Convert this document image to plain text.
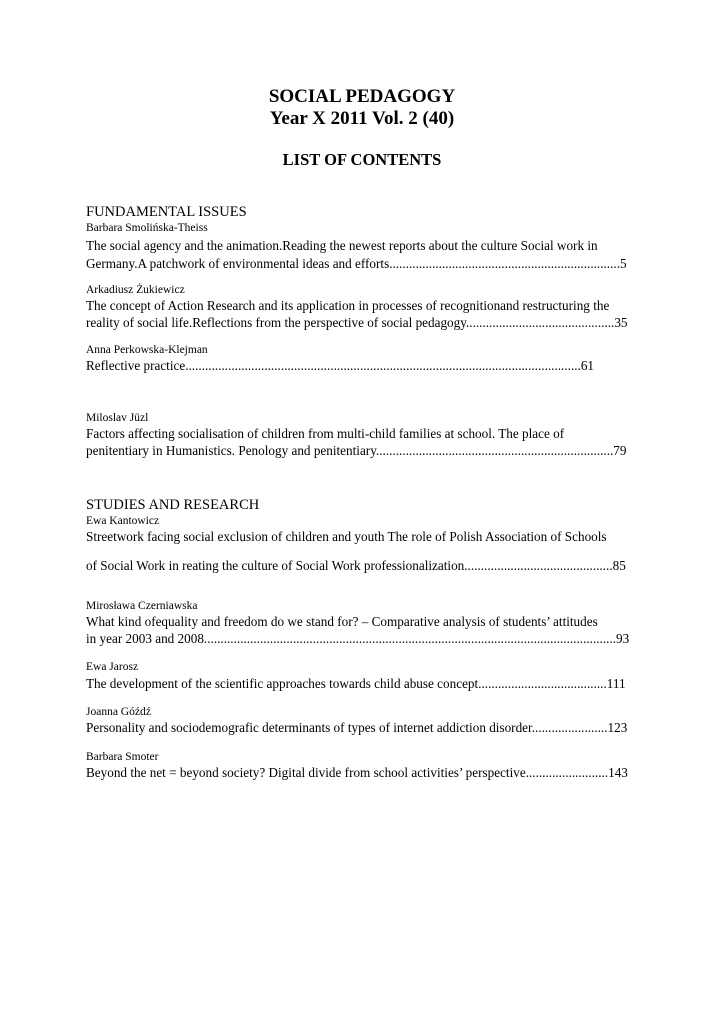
SOCIAL PEDAGOGY
Year X 2011 Vol. 2 (40)
LIST OF CONTENTS
FUNDAMENTAL ISSUES
Barbara Smolińska-Theiss
The social agency and the animation.Reading the newest reports about the culture Social work in
Germany.A patchwork of environmental ideas and efforts......................................................................5
Arkadiusz Żukiewicz
The concept of Action Research and its application in processes of recognitionand restructuring the
reality of social life.Reflections from the perspective of social pedagogy.............................................35
Anna Perkowska-Klejman
Reflective practice........................................................................................................................61
Miloslav Jüzl
Factors affecting socialisation of children from multi-child families at school. The place of
penitentiary in Humanistics. Penology and penitentiary........................................................................79
STUDIES AND RESEARCH
Ewa Kantowicz
Streetwork facing social exclusion of children and youth The role of Polish Association of Schools
of Social Work in reating the culture of Social Work professionalization.............................................85
Mirosława Czerniawska
What kind ofequality and freedom do we stand for? – Comparative analysis of students’ attitudes
in year 2003 and 2008.............................................................................................................................93
Ewa Jarosz
The development of the scientific approaches towards child abuse concept.......................................111
Joanna Góźdź
Personality and sociodemografic determinants of types of internet addiction disorder.......................123
Barbara Smoter
Beyond the net = beyond society? Digital divide from school activities’ perspective.........................143
